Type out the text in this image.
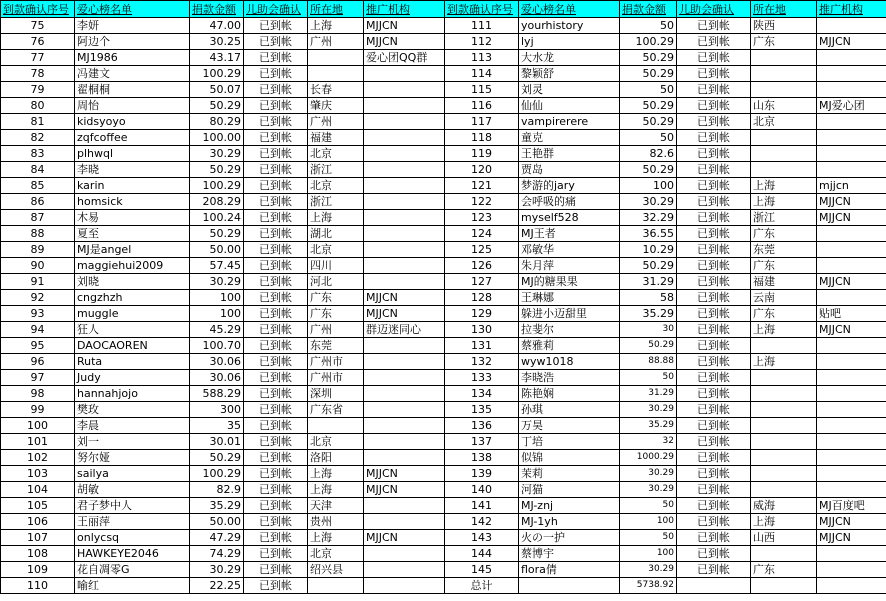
到款确认序号	爱心榜名单	捐款金额	儿助会确认	所在地	推广机构	到款确认序号	爱心榜名单	捐款金额	儿助会确认	所在地	推广机构
75	李妍	47.00	已到帐	上海	MJJCN	111	yourhistory	50	已到帐	陕西	
76	阿边个	30.25	已到帐	广州	MJJCN	112	lyj	100.29	已到帐	广东	MJJCN
77	MJ1986	43.17	已到帐		爱心团QQ群	113	大水龙	50.29	已到帐		
78	冯建文	100.29	已到帐			114	黎颖舒	50.29	已到帐		
79	翟桐桐	50.07	已到帐	长春		115	刘灵	50	已到帐		
80	周怡	50.29	已到帐	肇庆		116	仙仙	50.29	已到帐	山东	MJ爱心团
81	kidsyoyo	80.29	已到帐	广州		117	vampirerere	50.29	已到帐	北京	
82	zqfcoffee	100.00	已到帐	福建		118	童克	50	已到帐		
83	plhwql	30.29	已到帐	北京		119	王艳群	82.6	已到帐		
84	李晓	50.29	已到帐	浙江		120	贾岛	50.29	已到帐		
85	karin	100.29	已到帐	北京		121	梦游的jary	100	已到帐	上海	mjjcn
86	homsick	208.29	已到帐	浙江		122	会呼吸的痛	30.29	已到帐	上海	MJJCN
87	木易	100.24	已到帐	上海		123	myself528	32.29	已到帐	浙江	MJJCN
88	夏至	50.29	已到帐	湖北		124	MJ王者	36.55	已到帐	广东	
89	MJ是angel	50.00	已到帐	北京		125	邓敏华	10.29	已到帐	东莞	
90	maggiehui2009	57.45	已到帐	四川		126	朱月萍	50.29	已到帐	广东	
91	刘晓	30.29	已到帐	河北		127	MJ的糖果果	31.29	已到帐	福建	MJJCN
92	cngzhzh	100	已到帐	广东	MJJCN	128	王琳娜	58	已到帐	云南	
93	muggle	100	已到帐	广东	MJJCN	129	躲进小迈甜里	35.29	已到帐	广东	贴吧
94	狂人	45.29	已到帐	广州	群迈迷同心	130	拉斐尔	30	已到帐	上海	MJJCN
95	DAOCAOREN	100.70	已到帐	东莞		131	蔡雅莉	50.29	已到帐		
96	Ruta	30.06	已到帐	广州市		132	wyw1018	88.88	已到帐	上海	
97	Judy	30.06	已到帐	广州市		133	李晓浩	50	已到帐		
98	hannahjojo	588.29	已到帐	深圳		134	陈艳娴	31.29	已到帐		
99	樊玫	300	已到帐	广东省		135	孙琪	30.29	已到帐		
100	李晨	35	已到帐			136	万昊	35.29	已到帐		
101	刘一	30.01	已到帐	北京		137	丁培	32	已到帐		
102	努尔娅	50.29	已到帐	洛阳		138	似锦	1000.29	已到帐		
103	sailya	100.29	已到帐	上海	MJJCN	139	茉莉	30.29	已到帐		
104	胡敏	82.9	已到帐	上海	MJJCN	140	河猫	30.29	已到帐		
105	君子梦中人	35.29	已到帐	天津		141	MJ-znj	50	已到帐	威海	MJ百度吧
106	王丽萍	50.00	已到帐	贵州		142	MJ-1yh	100	已到帐	上海	MJJCN
107	onlycsq	47.29	已到帐	上海	MJJCN	143	火の一护	50	已到帐	山西	MJJCN
108	HAWKEYE2046	74.29	已到帐	北京		144	蔡博宇	100	已到帐		
109	花自凋零G	30.29	已到帐	绍兴县		145	flora倩	30.29	已到帐	广东	
110	喻红	22.25	已到帐			总计		5738.92			
